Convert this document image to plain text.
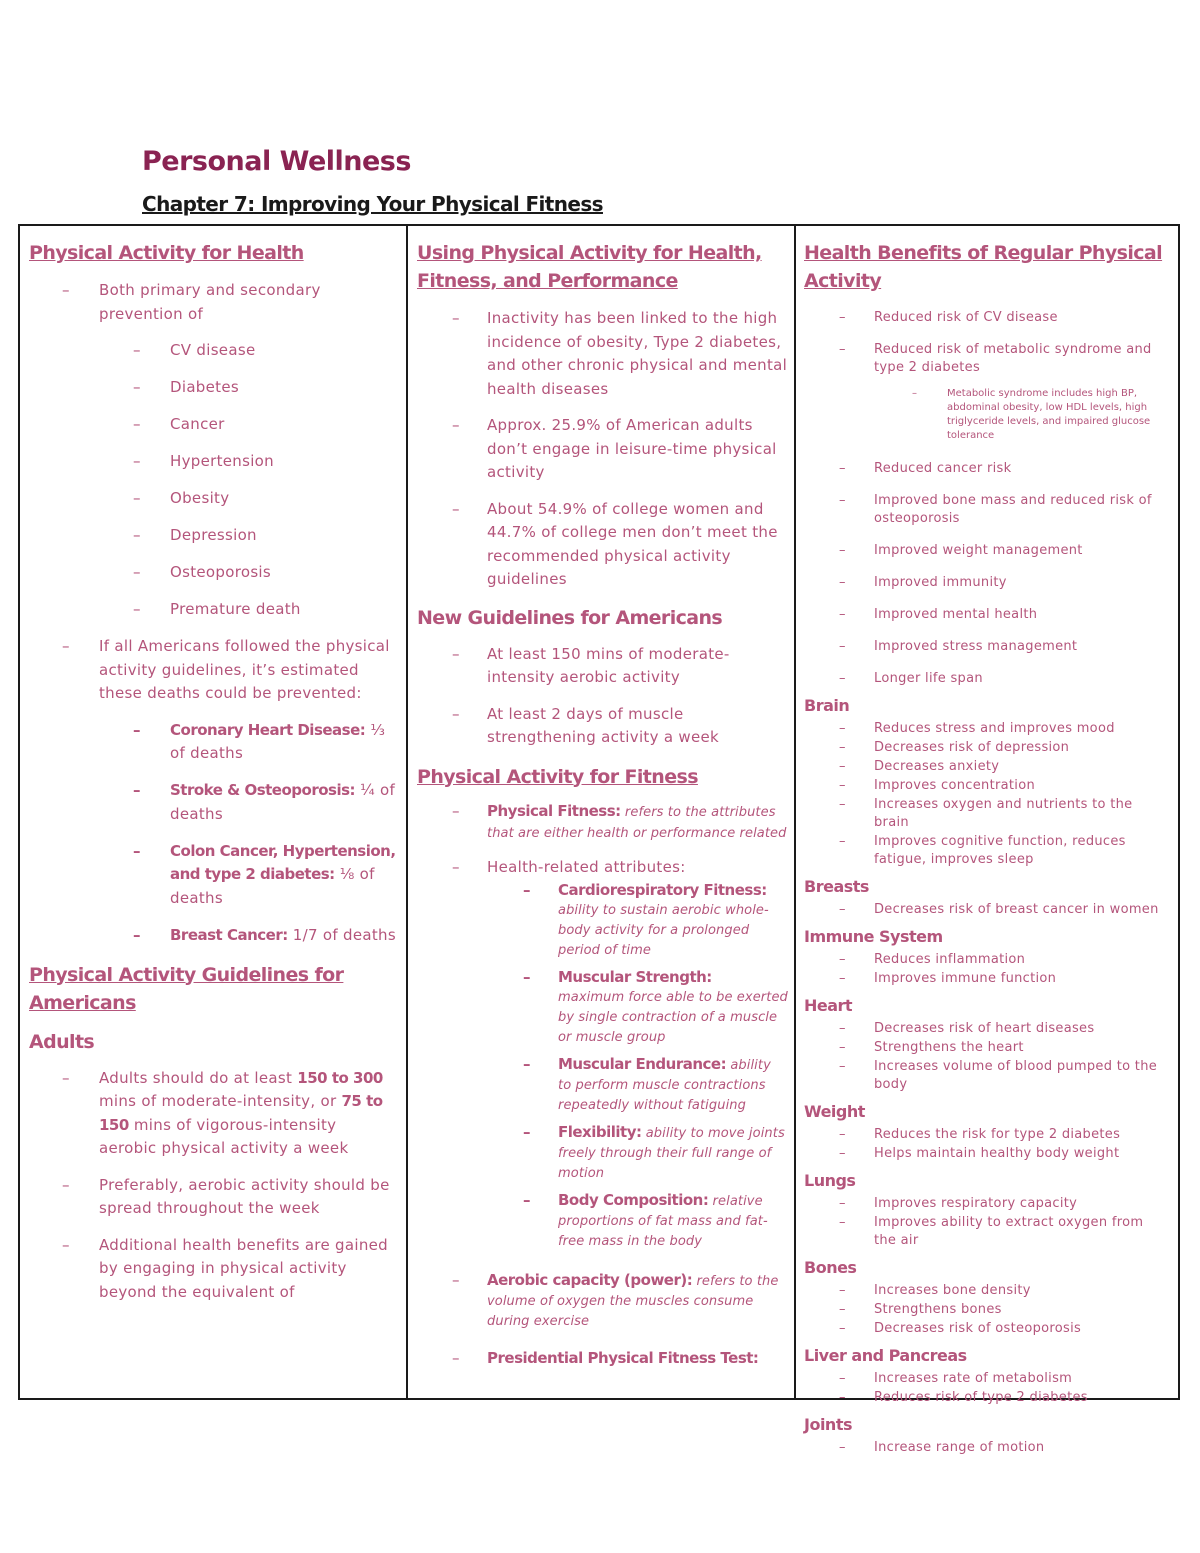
Personal Wellness
Chapter 7: Improving Your Physical Fitness
Physical Activity for Health
– Both primary and secondary prevention of
– CV disease
– Diabetes
– Cancer
– Hypertension
– Obesity
– Depression
– Osteoporosis
– Premature death
– If all Americans followed the physical activity guidelines, it’s estimated these deaths could be prevented:
– Coronary Heart Disease: ⅓ of deaths
– Stroke & Osteoporosis: ¼ of deaths
– Colon Cancer, Hypertension, and type 2 diabetes: ⅛ of deaths
– Breast Cancer: 1/7 of deaths
Physical Activity Guidelines for Americans
Adults
– Adults should do at least 150 to 300 mins of moderate-intensity, or 75 to 150 mins of vigorous-intensity aerobic physical activity a week
– Preferably, aerobic activity should be spread throughout the week
– Additional health benefits are gained by engaging in physical activity beyond the equivalent of
Using Physical Activity for Health, Fitness, and Performance
– Inactivity has been linked to the high incidence of obesity, Type 2 diabetes, and other chronic physical and mental health diseases
– Approx. 25.9% of American adults don’t engage in leisure-time physical activity
– About 54.9% of college women and 44.7% of college men don’t meet the recommended physical activity guidelines
New Guidelines for Americans
– At least 150 mins of moderate-intensity aerobic activity
– At least 2 days of muscle strengthening activity a week
Physical Activity for Fitness
– Physical Fitness: refers to the attributes that are either health or performance related
– Health-related attributes:
– Cardiorespiratory Fitness:
ability to sustain aerobic whole-body activity for a prolonged period of time
– Muscular Strength:
maximum force able to be exerted by single contraction of a muscle or muscle group
– Muscular Endurance: ability to perform muscle contractions repeatedly without fatiguing
– Flexibility: ability to move joints freely through their full range of motion
– Body Composition: relative proportions of fat mass and fat-free mass in the body
– Aerobic capacity (power): refers to the volume of oxygen the muscles consume during exercise
– Presidential Physical Fitness Test:
Health Benefits of Regular Physical Activity
– Reduced risk of CV disease
– Reduced risk of metabolic syndrome and type 2 diabetes
– Metabolic syndrome includes high BP, abdominal obesity, low HDL levels, high triglyceride levels, and impaired glucose tolerance
– Reduced cancer risk
– Improved bone mass and reduced risk of osteoporosis
– Improved weight management
– Improved immunity
– Improved mental health
– Improved stress management
– Longer life span
Brain
– Reduces stress and improves mood
– Decreases risk of depression
– Decreases anxiety
– Improves concentration
– Increases oxygen and nutrients to the brain
– Improves cognitive function, reduces fatigue, improves sleep
Breasts
– Decreases risk of breast cancer in women
Immune System
– Reduces inflammation
– Improves immune function
Heart
– Decreases risk of heart diseases
– Strengthens the heart
– Increases volume of blood pumped to the body
Weight
– Reduces the risk for type 2 diabetes
– Helps maintain healthy body weight
Lungs
– Improves respiratory capacity
– Improves ability to extract oxygen from the air
Bones
– Increases bone density
– Strengthens bones
– Decreases risk of osteoporosis
Liver and Pancreas
– Increases rate of metabolism
– Reduces risk of type 2 diabetes
Joints
– Increase range of motion
